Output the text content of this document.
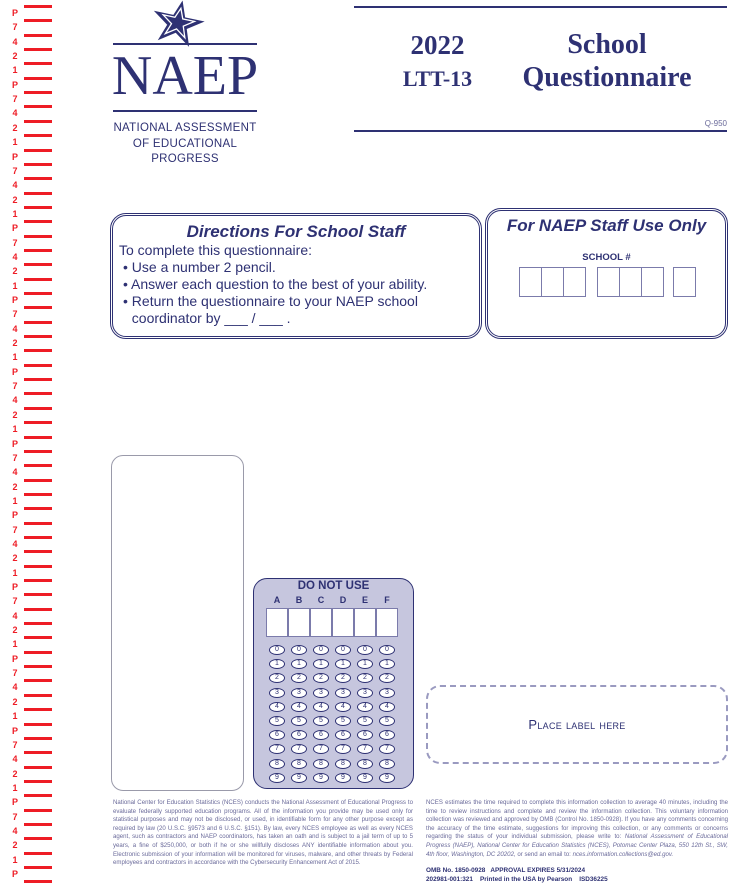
P
7
4
2
1
P
7
4
2
1
P
7
4
2
1
P
7
4
2
1
P
7
4
2
1
P
7
4
2
1
P
7
4
2
1
P
7
4
2
1
P
7
4
2
1
P
7
4
2
1
P
7
4
2
1
P
7
4
2
1
P
NAEP
NATIONAL ASSESSMENT
OF EDUCATIONAL
PROGRESS
2022
LTT-13
School
Questionnaire
Q-950
Directions For School Staff
To complete this questionnaire:
• Use a number 2 pencil.
• Answer each question to the best of your ability.
• Return the questionnaire to your NAEP school coordinator by ___ / ___ .
For NAEP Staff Use Only
SCHOOL #
DO NOT USE
A
0
1
2
3
4
5
6
7
8
9
B
0
1
2
3
4
5
6
7
8
9
C
0
1
2
3
4
5
6
7
8
9
D
0
1
2
3
4
5
6
7
8
9
E
0
1
2
3
4
5
6
7
8
9
F
0
1
2
3
4
5
6
7
8
9
Place label here
National Center for Education Statistics (NCES) conducts the National Assessment of Educational Progress to evaluate federally supported education programs. All of the information you provide may be used only for statistical purposes and may not be disclosed, or used, in identifiable form for any other purpose except as required by law (20 U.S.C. §9573 and 6 U.S.C. §151). By law, every NCES employee as well as every NCES agent, such as contractors and NAEP coordinators, has taken an oath and is subject to a jail term of up to 5 years, a fine of $250,000, or both if he or she willfully discloses ANY identifiable information about you. Electronic submission of your information will be monitored for viruses, malware, and other threats by Federal employees and contractors in accordance with the Cybersecurity Enhancement Act of 2015.
NCES estimates the time required to complete this information collection to average 40 minutes, including the time to review instructions and complete and review the information collection. This voluntary information collection was reviewed and approved by OMB (Control No. 1850-0928). If you have any comments concerning the accuracy of the time estimate, suggestions for improving this collection, or any comments or concerns regarding the status of your individual submission, please write to: National Assessment of Educational Progress (NAEP), National Center for Education Statistics (NCES), Potomac Center Plaza, 550 12th St., SW, 4th floor, Washington, DC 20202, or send an email to: nces.information.collections@ed.gov.
OMB No. 1850-0928   APPROVAL EXPIRES 5/31/2024
202981-001:321    Printed in the USA by Pearson    ISD36225
